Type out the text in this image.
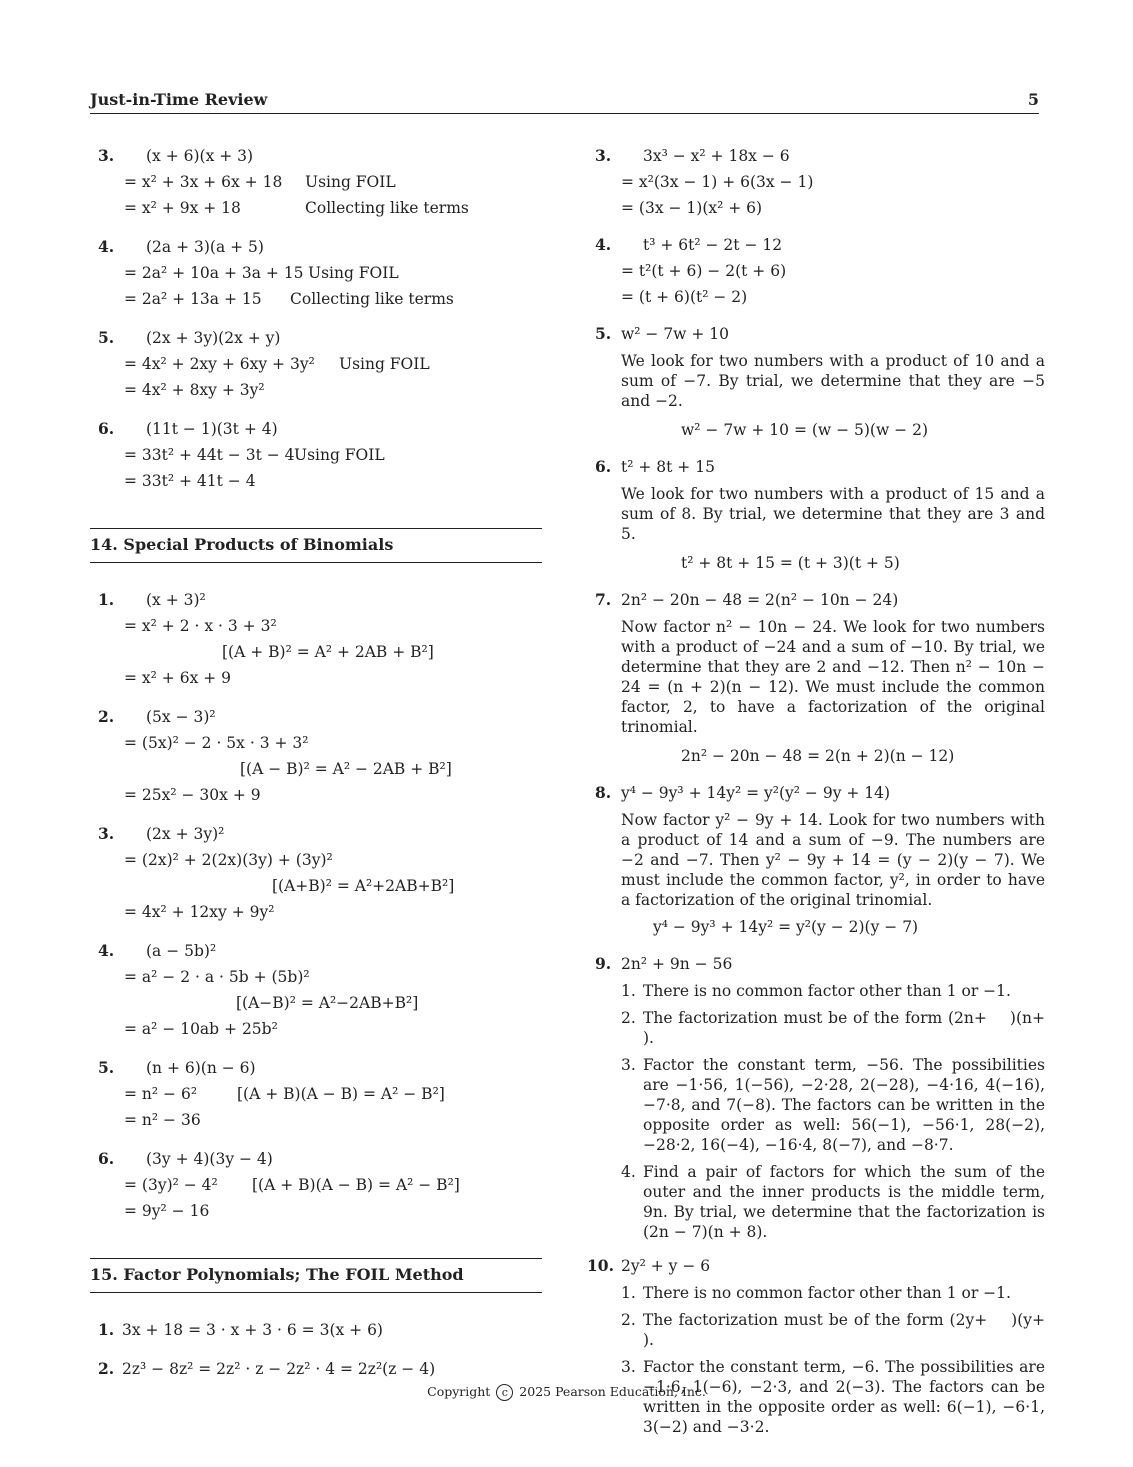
Just-in-Time Review	5
3. (x + 6)(x + 3)
= x² + 3x + 6x + 18 Using FOIL
= x² + 9x + 18	Collecting like terms
4. (2a + 3)(a + 5)
= 2a² + 10a + 3a + 15 Using FOIL
= 2a² + 13a + 15 Collecting like terms
5. (2x + 3y)(2x + y)
= 4x² + 2xy + 6xy + 3y² Using FOIL
= 4x² + 8xy + 3y²
6. (11t − 1)(3t + 4)
= 33t² + 44t − 3t − 4 Using FOIL
= 33t² + 41t − 4
14. Special Products of Binomials
1. (x + 3)²
= x² + 2 · x · 3 + 3²
[(A + B)² = A² + 2AB + B²]
= x² + 6x + 9
2. (5x − 3)²
= (5x)² − 2 · 5x · 3 + 3²
[(A − B)² = A² − 2AB + B²]
= 25x² − 30x + 9
3. (2x + 3y)²
= (2x)² + 2(2x)(3y) + (3y)²
[(A+B)² = A²+2AB+B²]
= 4x² + 12xy + 9y²
4. (a − 5b)²
= a² − 2 · a · 5b + (5b)²
[(A−B)² = A²−2AB+B²]
= a² − 10ab + 25b²
5. (n + 6)(n − 6)
= n² − 6²	[(A + B)(A − B) = A² − B²]
= n² − 36
6. (3y + 4)(3y − 4)
= (3y)² − 4² [(A + B)(A − B) = A² − B²]
= 9y² − 16
15. Factor Polynomials; The FOIL Method
1. 3x + 18 = 3 · x + 3 · 6 = 3(x + 6)
2. 2z³ − 8z² = 2z² · z − 2z² · 4 = 2z²(z − 4)
3. 3x³ − x² + 18x − 6
= x²(3x − 1) + 6(3x − 1)
= (3x − 1)(x² + 6)
4. t³ + 6t² − 2t − 12
= t²(t + 6) − 2(t + 6)
= (t + 6)(t² − 2)
5. w² − 7w + 10
We look for two numbers with a product of 10 and a sum of −7. By trial, we determine that they are −5 and −2.
w² − 7w + 10 = (w − 5)(w − 2)
6. t² + 8t + 15
We look for two numbers with a product of 15 and a sum of 8. By trial, we determine that they are 3 and 5.
t² + 8t + 15 = (t + 3)(t + 5)
7. 2n² − 20n − 48 = 2(n² − 10n − 24)
Now factor n² − 10n − 24. We look for two numbers with a product of −24 and a sum of −10. By trial, we determine that they are 2 and −12. Then n² − 10n − 24 = (n + 2)(n − 12). We must include the common factor, 2, to have a factorization of the original trinomial.
2n² − 20n − 48 = 2(n + 2)(n − 12)
8. y⁴ − 9y³ + 14y² = y²(y² − 9y + 14)
Now factor y² − 9y + 14. Look for two numbers with a product of 14 and a sum of −9. The numbers are −2 and −7. Then y² − 9y + 14 = (y − 2)(y − 7). We must include the common factor, y², in order to have a factorization of the original trinomial.
y⁴ − 9y³ + 14y² = y²(y − 2)(y − 7)
9. 2n² + 9n − 56
1. There is no common factor other than 1 or −1.
2. The factorization must be of the form (2n+    )(n+    ).
3. Factor the constant term, −56. The possibilities are −1·56, 1(−56), −2·28, 2(−28), −4·16, 4(−16), −7·8, and 7(−8). The factors can be written in the opposite order as well: 56(−1), −56·1, 28(−2), −28·2, 16(−4), −16·4, 8(−7), and −8·7.
4. Find a pair of factors for which the sum of the outer and the inner products is the middle term, 9n. By trial, we determine that the factorization is (2n − 7)(n + 8).
10. 2y² + y − 6
1. There is no common factor other than 1 or −1.
2. The factorization must be of the form (2y+    )(y+    ).
3. Factor the constant term, −6. The possibilities are −1·6, 1(−6), −2·3, and 2(−3). The factors can be written in the opposite order as well: 6(−1), −6·1, 3(−2) and −3·2.
Copyright c 2025 Pearson Education, Inc.
